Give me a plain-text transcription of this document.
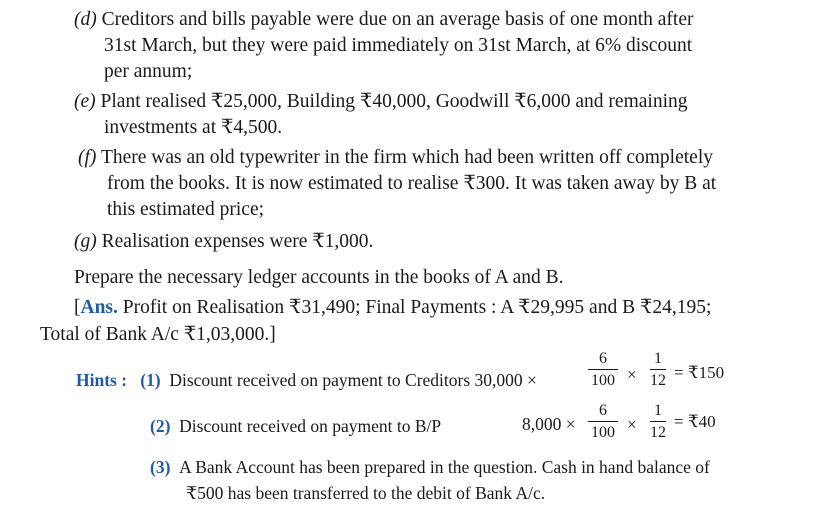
(d) Creditors and bills payable were due on an average basis of one month after
31st March, but they were paid immediately on 31st March, at 6% discount
per annum;
(e) Plant realised ₹25,000, Building ₹40,000, Goodwill ₹6,000 and remaining
investments at ₹4,500.
(f) There was an old typewriter in the firm which had been written off completely
from the books. It is now estimated to realise ₹300. It was taken away by B at
this estimated price;
(g) Realisation expenses were ₹1,000.
Prepare the necessary ledger accounts in the books of A and B.
[Ans. Profit on Realisation ₹31,490; Final Payments : A ₹29,995 and B ₹24,195;
Total of Bank A/c ₹1,03,000.]
Hints : (1) Discount received on payment to Creditors 30,000 ×
6
100 ×
1
12 = ₹150
(2) Discount received on payment to B/P	8,000 ×
6
100 ×
1
12
= ₹40
(3) A Bank Account has been prepared in the question. Cash in hand balance of
₹500 has been transferred to the debit of Bank A/c.
